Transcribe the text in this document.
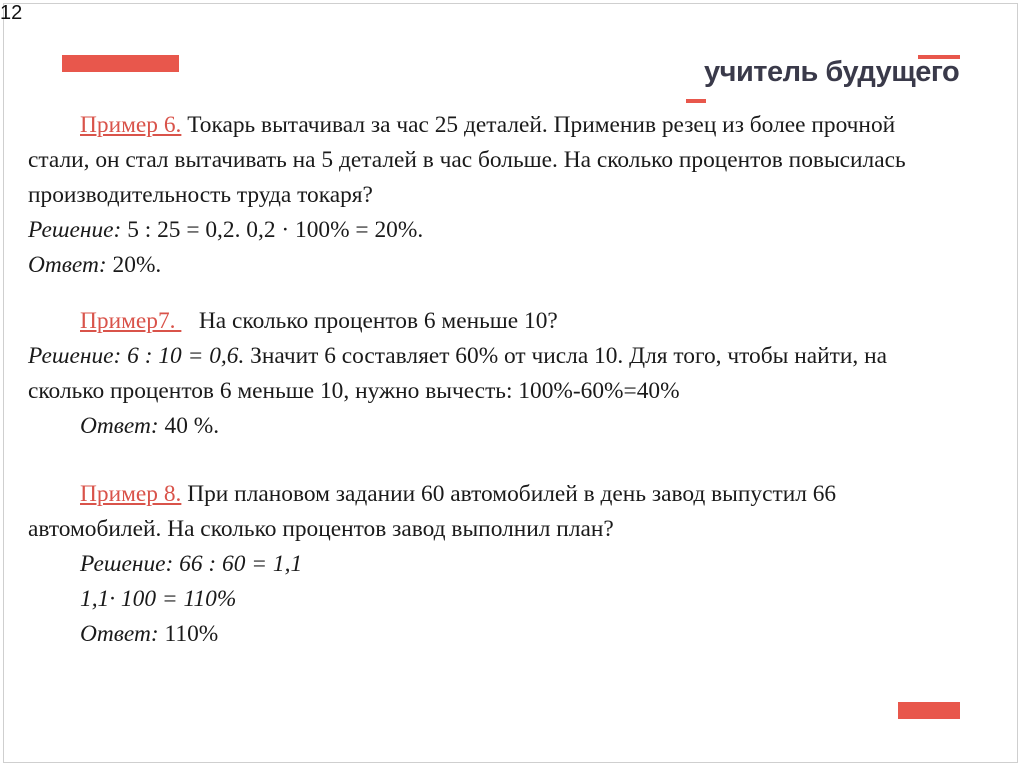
12
учитель будущего

Пример 6. Токарь вытачивал за час 25 деталей. Применив резец из более прочной

стали, он стал вытачивать на 5 деталей в час больше. На сколько процентов повысилась

производительность труда токаря?

Решение: 5 : 25 = 0,2. 0,2 · 100% = 20%.

Ответ: 20%.

Пример7.    На сколько процентов 6 меньше 10?

Решение: 6 : 10 = 0,6. Значит 6 составляет 60% от числа 10. Для того, чтобы найти, на

сколько процентов 6 меньше 10, нужно вычесть: 100%-60%=40%

Ответ: 40 %.

Пример 8. При плановом задании 60 автомобилей в день завод выпустил 66

автомобилей. На сколько процентов завод выполнил план?

Решение: 66 : 60 = 1,1

1,1· 100 = 110%

Ответ: 110%
